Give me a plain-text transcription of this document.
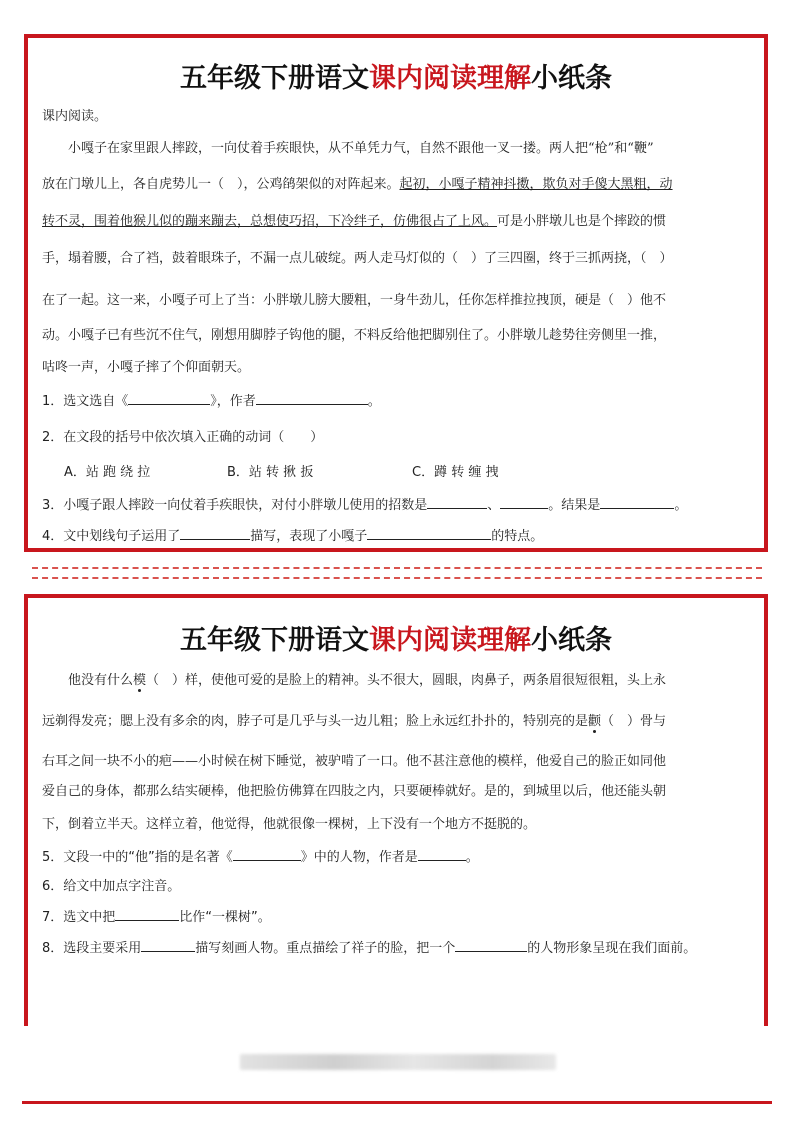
五年级下册语文课内阅读理解小纸条
课内阅读。
　　小嘎子在家里跟人摔跤，一向仗着手疾眼快，从不单凭力气，自然不跟他一叉一搂。两人把“枪”和“鞭”
放在门墩儿上，各自虎势儿一（　），公鸡鹐架似的对阵起来。起初，小嘎子精神抖擞，欺负对手傻大黑粗，动
转不灵，围着他猴儿似的蹦来蹦去，总想使巧招，下冷绊子，仿佛很占了上风。可是小胖墩儿也是个摔跤的惯
手，塌着腰，合了裆，鼓着眼珠子，不漏一点儿破绽。两人走马灯似的（　）了三四圈，终于三抓两挠，（　）
在了一起。这一来，小嘎子可上了当：小胖墩儿膀大腰粗，一身牛劲儿，任你怎样推拉拽顶，硬是（　）他不
动。小嘎子已有些沉不住气，刚想用脚脖子钩他的腿，不料反给他把脚别住了。小胖墩儿趁势往旁侧里一推，
咕咚一声，小嘎子摔了个仰面朝天。
1．选文选自《	》，作者	。
2．在文段的括号中依次填入正确的动词（　　）
A．站 跑 绕 拉	B．站 转 揪 扳	C．蹲 转 缠 拽
3．小嘎子跟人摔跤一向仗着手疾眼快，对付小胖墩儿使用的招数是	、	。结果是	。
4．文中划线句子运用了	描写，表现了小嘎子	的特点。
五年级下册语文课内阅读理解小纸条
　　他没有什么模（　）样，使他可爱的是脸上的精神。头不很大，圆眼，肉鼻子，两条眉很短很粗，头上永
远剃得发亮；腮上没有多余的肉，脖子可是几乎与头一边儿粗；脸上永远红扑扑的，特别亮的是颧（　）骨与
右耳之间一块不小的疤——小时候在树下睡觉，被驴啃了一口。他不甚注意他的模样，他爱自己的脸正如同他
爱自己的身体，都那么结实硬棒，他把脸仿佛算在四肢之内，只要硬棒就好。是的，到城里以后，他还能头朝
下，倒着立半天。这样立着，他觉得，他就很像一棵树，上下没有一个地方不挺脱的。
5．文段一中的“他”指的是名著《	》中的人物，作者是	。
6．给文中加点字注音。
7．选文中把	比作“一棵树”。
8．选段主要采用	描写刻画人物。重点描绘了祥子的脸，把一个	的人物形象呈现在我们面前。
